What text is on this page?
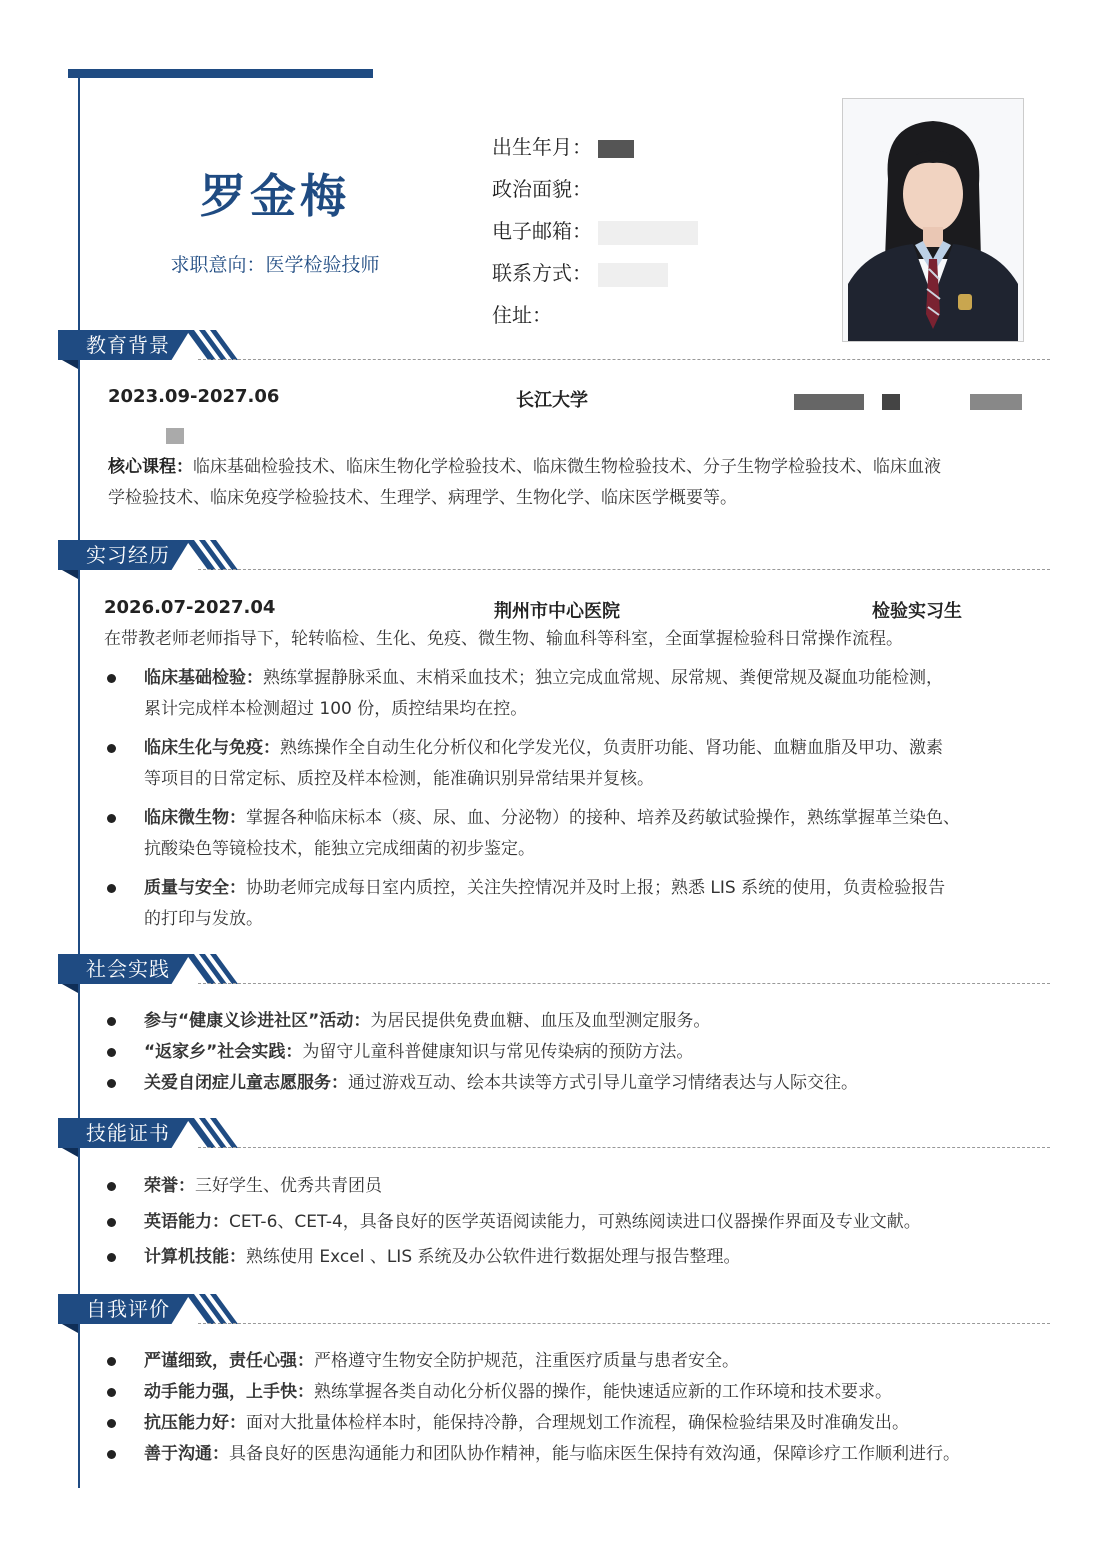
罗金梅
求职意向：医学检验技师
出生年月：
政治面貌：
电子邮箱：
联系方式：
住址：
教育背景
2023.09-2027.06	长江大学
核心课程：临床基础检验技术、临床生物化学检验技术、临床微生物检验技术、分子生物学检验技术、临床血液
学检验技术、临床免疫学检验技术、生理学、病理学、生物化学、临床医学概要等。
实习经历
2026.07-2027.04	荆州市中心医院	检验实习生
在带教老师老师指导下，轮转临检、生化、免疫、微生物、输血科等科室，全面掌握检验科日常操作流程。
临床基础检验：熟练掌握静脉采血、末梢采血技术；独立完成血常规、尿常规、粪便常规及凝血功能检测，
累计完成样本检测超过 100 份，质控结果均在控。
临床生化与免疫：熟练操作全自动生化分析仪和化学发光仪，负责肝功能、肾功能、血糖血脂及甲功、激素
等项目的日常定标、质控及样本检测，能准确识别异常结果并复核。
临床微生物：掌握各种临床标本（痰、尿、血、分泌物）的接种、培养及药敏试验操作，熟练掌握革兰染色、
抗酸染色等镜检技术，能独立完成细菌的初步鉴定。
质量与安全：协助老师完成每日室内质控，关注失控情况并及时上报；熟悉 LIS 系统的使用，负责检验报告
的打印与发放。
社会实践
参与“健康义诊进社区”活动：为居民提供免费血糖、血压及血型测定服务。
“返家乡”社会实践：为留守儿童科普健康知识与常见传染病的预防方法。
关爱自闭症儿童志愿服务：通过游戏互动、绘本共读等方式引导儿童学习情绪表达与人际交往。
技能证书
荣誉：三好学生、优秀共青团员
英语能力：CET-6、CET-4，具备良好的医学英语阅读能力，可熟练阅读进口仪器操作界面及专业文献。
计算机技能：熟练使用 Excel 、LIS 系统及办公软件进行数据处理与报告整理。
自我评价
严谨细致，责任心强：严格遵守生物安全防护规范，注重医疗质量与患者安全。
动手能力强，上手快：熟练掌握各类自动化分析仪器的操作，能快速适应新的工作环境和技术要求。
抗压能力好：面对大批量体检样本时，能保持冷静，合理规划工作流程，确保检验结果及时准确发出。
善于沟通：具备良好的医患沟通能力和团队协作精神，能与临床医生保持有效沟通，保障诊疗工作顺利进行。
